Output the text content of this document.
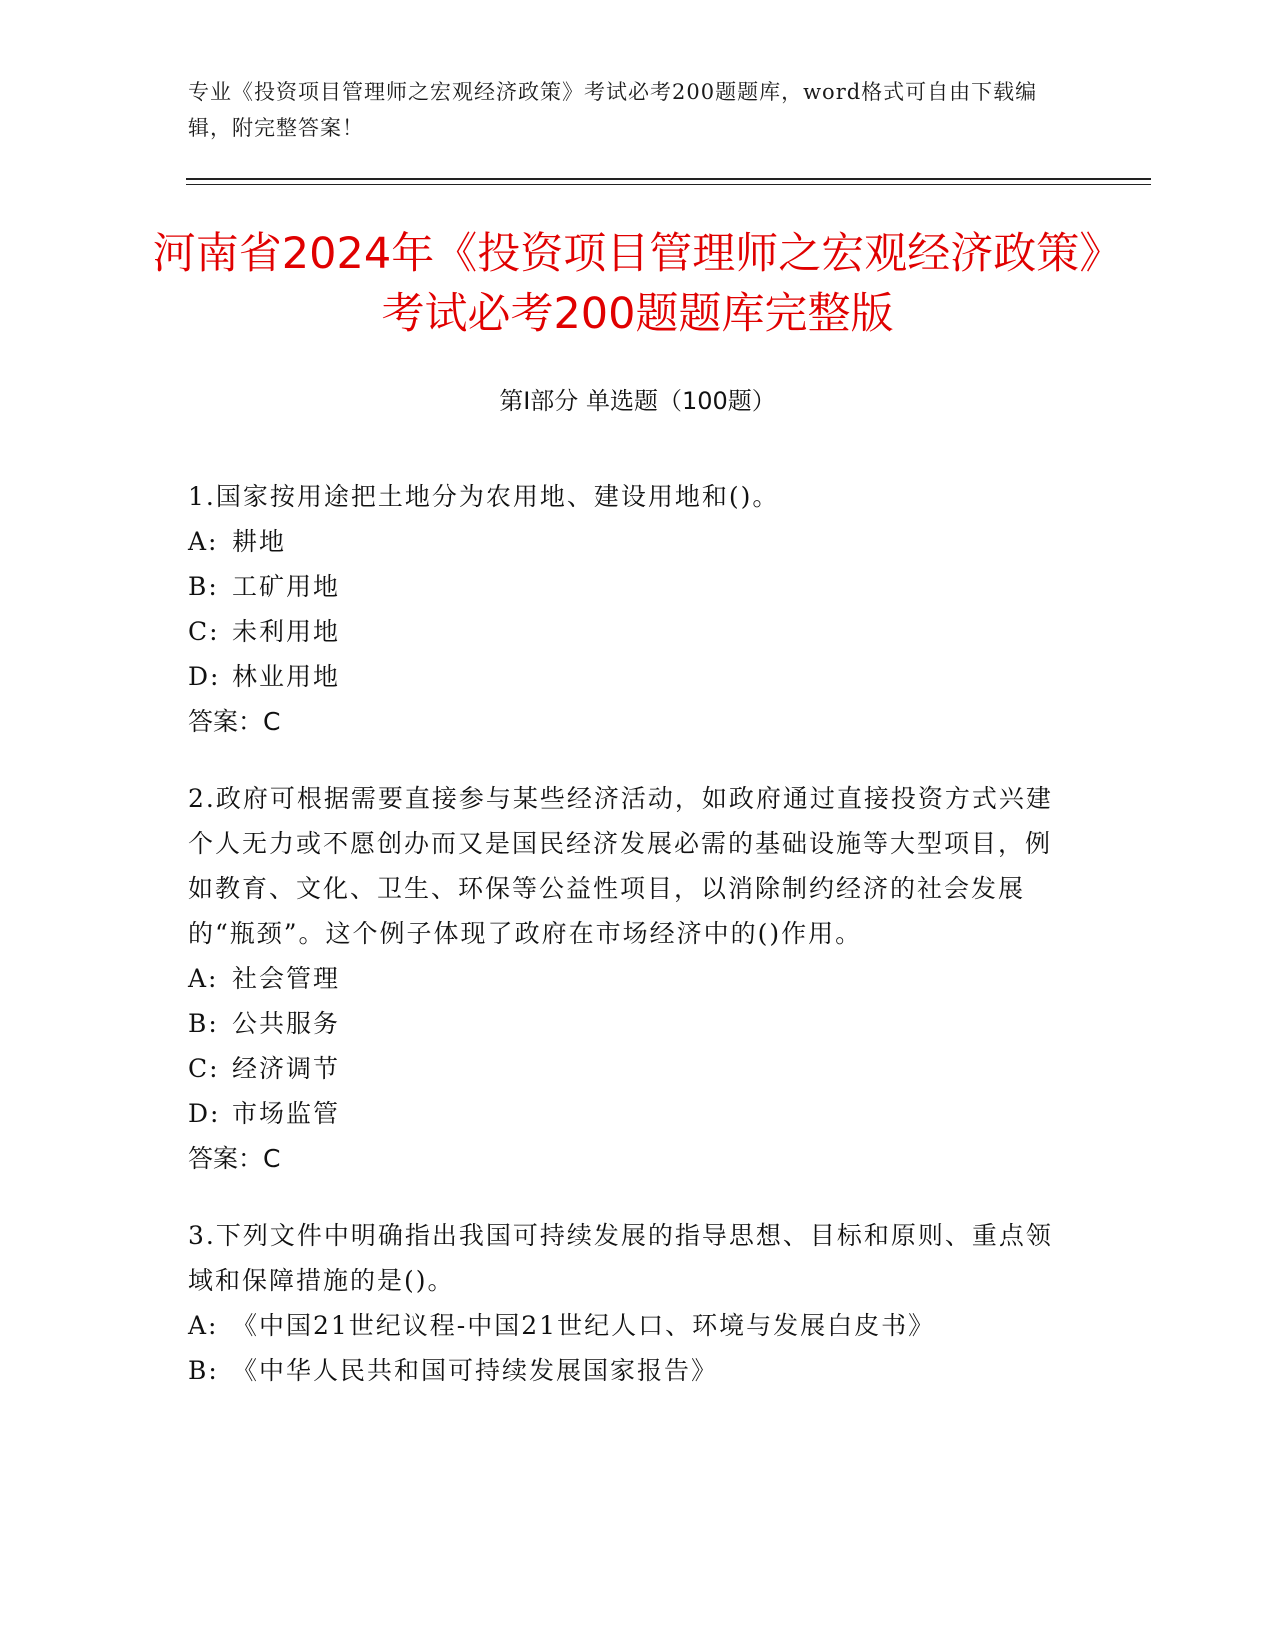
专业《投资项目管理师之宏观经济政策》考试必考200题题库，word格式可自由下载编辑，附完整答案！
河南省2024年《投资项目管理师之宏观经济政策》考试必考200题题库完整版
第Ⅰ部分 单选题（100题）

1.国家按用途把土地分为农用地、建设用地和()。

A: 耕地
B: 工矿用地
C: 未利用地
D: 林业用地
答案：C

2.政府可根据需要直接参与某些经济活动，如政府通过直接投资方式兴建个人无力或不愿创办而又是国民经济发展必需的基础设施等大型项目，例如教育、文化、卫生、环保等公益性项目，以消除制约经济的社会发展的“瓶颈”。这个例子体现了政府在市场经济中的()作用。

A: 社会管理
B: 公共服务
C: 经济调节
D: 市场监管
答案：C

3.下列文件中明确指出我国可持续发展的指导思想、目标和原则、重点领域和保障措施的是()。

A: 《中国21世纪议程-中国21世纪人口、环境与发展白皮书》
B: 《中华人民共和国可持续发展国家报告》
